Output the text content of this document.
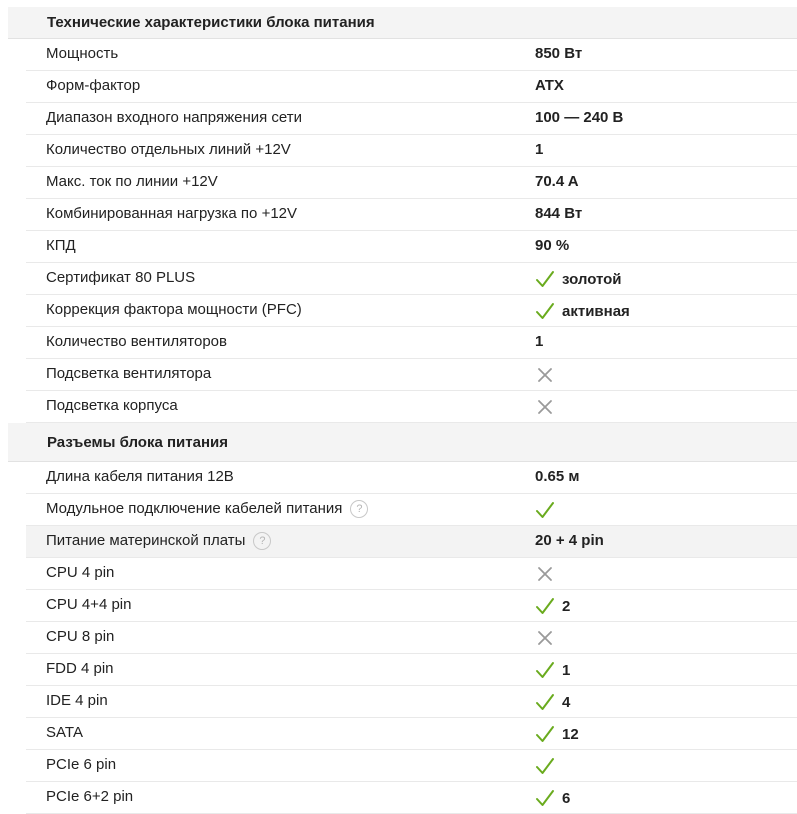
Технические характеристики блока питания
Мощность	850 Вт
Форм-фактор	ATX
Диапазон входного напряжения сети	100 — 240 В
Количество отдельных линий +12V	1
Макс. ток по линии +12V	70.4 A
Комбинированная нагрузка по +12V	844 Вт
КПД	90 %
Сертификат 80 PLUS	золотой
Коррекция фактора мощности (PFC)	активная
Количество вентиляторов	1
Подсветка вентилятора
Подсветка корпуса
Разъемы блока питания
Длина кабеля питания 12В	0.65 м
Модульное подключение кабелей питания ?
Питание материнской платы ?	20 + 4 pin
CPU 4 pin
CPU 4+4 pin	2
CPU 8 pin
FDD 4 pin	1
IDE 4 pin	4
SATA	12
PCIe 6 pin
PCIe 6+2 pin	6
